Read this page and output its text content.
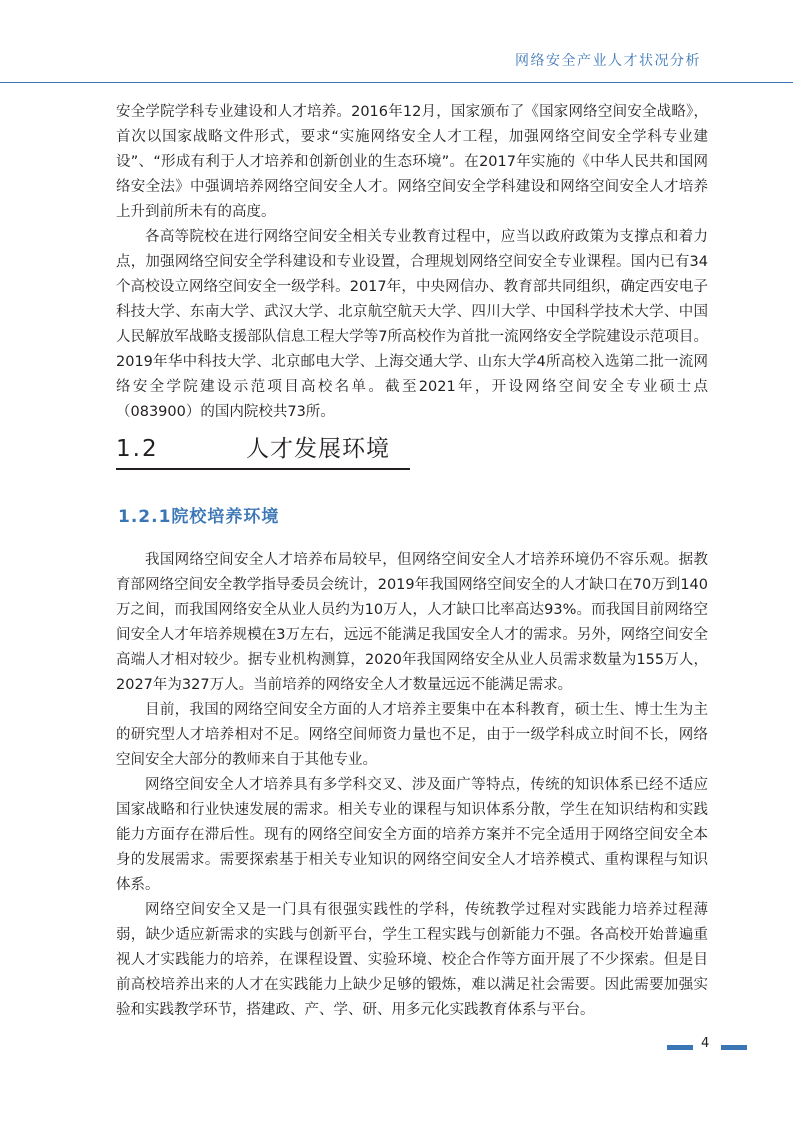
网络安全产业人才状况分析

安全学院学科专业建设和人才培养。2016年12月，国家颁布了《国家网络空间安全战略》，首次以国家战略文件形式，要求“实施网络安全人才工程，加强网络空间安全学科专业建设”、“形成有利于人才培养和创新创业的生态环境”。在2017年实施的《中华人民共和国网络安全法》中强调培养网络空间安全人才。网络空间安全学科建设和网络空间安全人才培养上升到前所未有的高度。

各高等院校在进行网络空间安全相关专业教育过程中，应当以政府政策为支撑点和着力点，加强网络空间安全学科建设和专业设置，合理规划网络空间安全专业课程。国内已有34个高校设立网络空间安全一级学科。2017年，中央网信办、教育部共同组织，确定西安电子科技大学、东南大学、武汉大学、北京航空航天大学、四川大学、中国科学技术大学、中国人民解放军战略支援部队信息工程大学等7所高校作为首批一流网络安全学院建设示范项目。2019年华中科技大学、北京邮电大学、上海交通大学、山东大学4所高校入选第二批一流网络安全学院建设示范项目高校名单。截至2021年，开设网络空间安全专业硕士点（083900）的国内院校共73所。

1.2	人才发展环境
1.2.1院校培养环境

我国网络空间安全人才培养布局较早，但网络空间安全人才培养环境仍不容乐观。据教育部网络空间安全教学指导委员会统计，2019年我国网络空间安全的人才缺口在70万到140万之间，而我国网络安全从业人员约为10万人，人才缺口比率高达93%。而我国目前网络空间安全人才年培养规模在3万左右，远远不能满足我国安全人才的需求。另外，网络空间安全高端人才相对较少。据专业机构测算，2020年我国网络安全从业人员需求数量为155万人，2027年为327万人。当前培养的网络安全人才数量远远不能满足需求。

目前，我国的网络空间安全方面的人才培养主要集中在本科教育，硕士生、博士生为主的研究型人才培养相对不足。网络空间师资力量也不足，由于一级学科成立时间不长，网络空间安全大部分的教师来自于其他专业。

网络空间安全人才培养具有多学科交叉、涉及面广等特点，传统的知识体系已经不适应国家战略和行业快速发展的需求。相关专业的课程与知识体系分散，学生在知识结构和实践能力方面存在滞后性。现有的网络空间安全方面的培养方案并不完全适用于网络空间安全本身的发展需求。需要探索基于相关专业知识的网络空间安全人才培养模式、重构课程与知识体系。

网络空间安全又是一门具有很强实践性的学科，传统教学过程对实践能力培养过程薄弱，缺少适应新需求的实践与创新平台，学生工程实践与创新能力不强。各高校开始普遍重视人才实践能力的培养，在课程设置、实验环境、校企合作等方面开展了不少探索。但是目前高校培养出来的人才在实践能力上缺少足够的锻炼，难以满足社会需要。因此需要加强实验和实践教学环节，搭建政、产、学、研、用多元化实践教育体系与平台。

4
